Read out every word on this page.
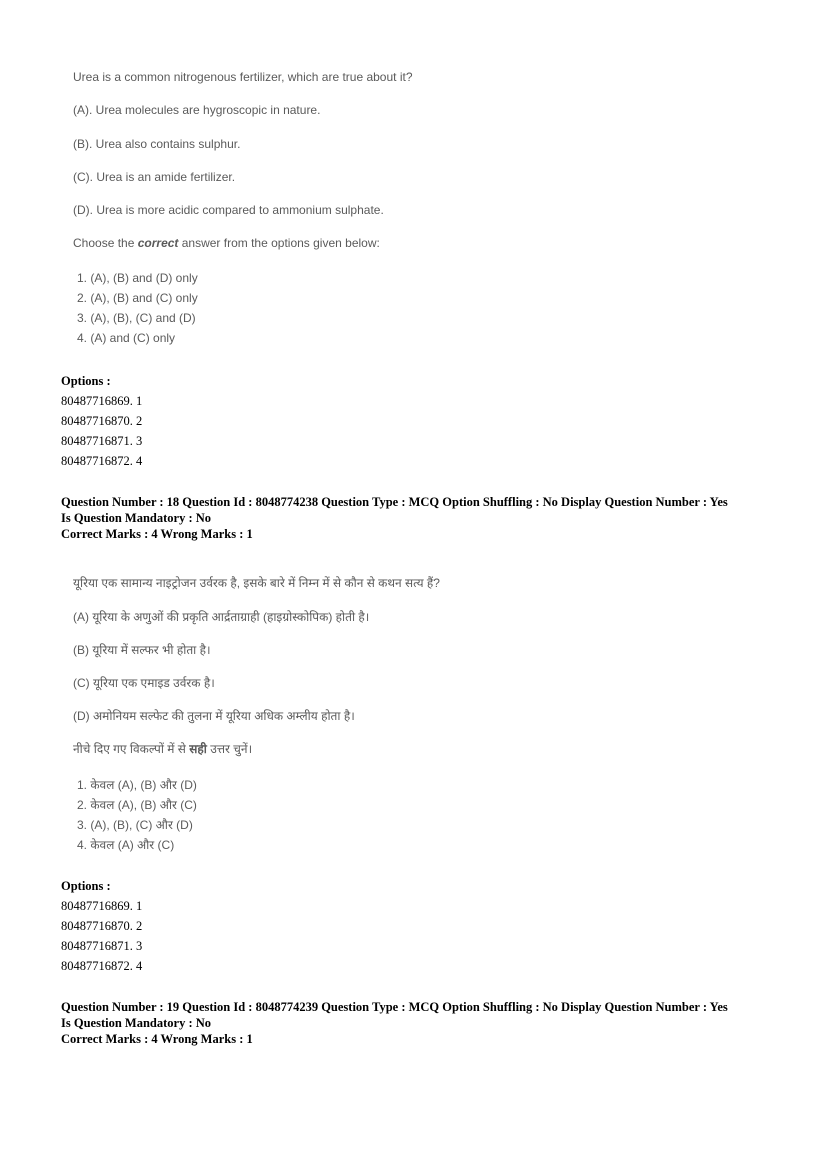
Urea is a common nitrogenous fertilizer, which are true about it?
(A). Urea molecules are hygroscopic in nature.
(B). Urea also contains sulphur.
(C). Urea is an amide fertilizer.
(D). Urea is more acidic compared to ammonium sulphate.
Choose the correct answer from the options given below:
1. (A), (B) and (D) only
2. (A), (B) and (C) only
3. (A), (B), (C) and (D)
4. (A) and (C) only
Options :
80487716869. 1
80487716870. 2
80487716871. 3
80487716872. 4
Question Number : 18 Question Id : 8048774238 Question Type : MCQ Option Shuffling : No Display Question Number : Yes
Is Question Mandatory : No
Correct Marks : 4 Wrong Marks : 1
यूरिया एक सामान्य नाइट्रोजन उर्वरक है, इसके बारे में निम्न में से कौन से कथन सत्य हैं?
(A) यूरिया के अणुओं की प्रकृति आर्द्रताग्राही (हाइग्रोस्कोपिक) होती है।
(B) यूरिया में सल्फर भी होता है।
(C) यूरिया एक एमाइड उर्वरक है।
(D) अमोनियम सल्फेट की तुलना में यूरिया अधिक अम्लीय होता है।
नीचे दिए गए विकल्पों में से सही उत्तर चुनें।
1. केवल (A), (B) और (D)
2. केवल (A), (B) और (C)
3. (A), (B), (C) और (D)
4. केवल (A) और (C)
Options :
80487716869. 1
80487716870. 2
80487716871. 3
80487716872. 4
Question Number : 19 Question Id : 8048774239 Question Type : MCQ Option Shuffling : No Display Question Number : Yes
Is Question Mandatory : No
Correct Marks : 4 Wrong Marks : 1
